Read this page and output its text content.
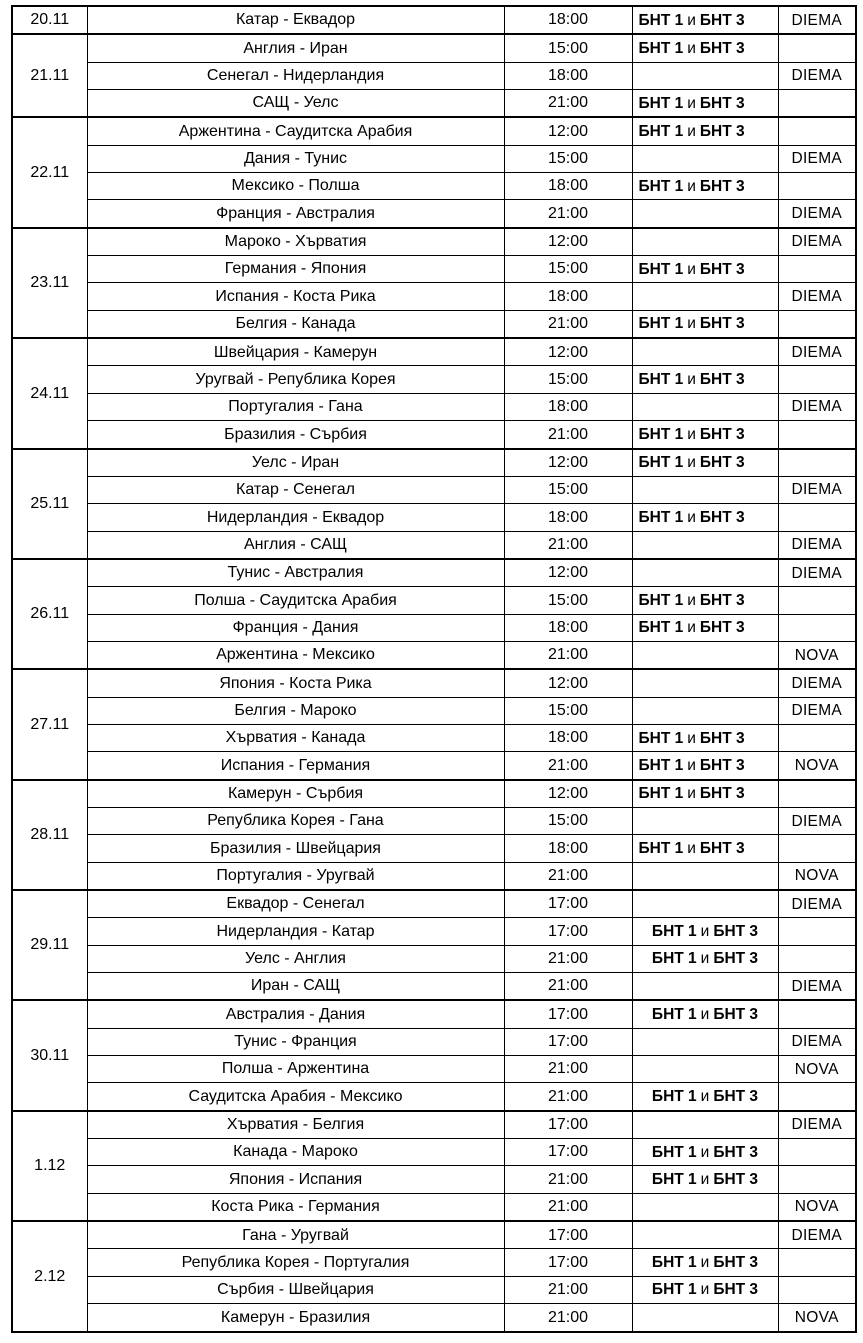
20.11	Катар - Еквадор	18:00	БНТ 1 и БНТ 3	DIEMA
21.11	Англия - Иран	15:00	БНТ 1 и БНТ 3	
	Сенегал - Нидерландия	18:00		DIEMA
	САЩ - Уелс	21:00	БНТ 1 и БНТ 3	
22.11	Аржентина - Саудитска Арабия	12:00	БНТ 1 и БНТ 3	
	Дания - Тунис	15:00		DIEMA
	Мексико - Полша	18:00	БНТ 1 и БНТ 3	
	Франция - Австралия	21:00		DIEMA
23.11	Мароко - Хърватия	12:00		DIEMA
	Германия - Япония	15:00	БНТ 1 и БНТ 3	
	Испания - Коста Рика	18:00		DIEMA
	Белгия - Канада	21:00	БНТ 1 и БНТ 3	
24.11	Швейцария - Камерун	12:00		DIEMA
	Уругвай - Република Корея	15:00	БНТ 1 и БНТ 3	
	Португалия - Гана	18:00		DIEMA
	Бразилия - Сърбия	21:00	БНТ 1 и БНТ 3	
25.11	Уелс - Иран	12:00	БНТ 1 и БНТ 3	
	Катар - Сенегал	15:00		DIEMA
	Нидерландия - Еквадор	18:00	БНТ 1 и БНТ 3	
	Англия - САЩ	21:00		DIEMA
26.11	Тунис - Австралия	12:00		DIEMA
	Полша - Саудитска Арабия	15:00	БНТ 1 и БНТ 3	
	Франция - Дания	18:00	БНТ 1 и БНТ 3	
	Аржентина - Мексико	21:00		NOVA
27.11	Япония - Коста Рика	12:00		DIEMA
	Белгия - Мароко	15:00		DIEMA
	Хърватия - Канада	18:00	БНТ 1 и БНТ 3	
	Испания - Германия	21:00	БНТ 1 и БНТ 3	NOVA
28.11	Камерун - Сърбия	12:00	БНТ 1 и БНТ 3	
	Република Корея - Гана	15:00		DIEMA
	Бразилия - Швейцария	18:00	БНТ 1 и БНТ 3	
	Португалия - Уругвай	21:00		NOVA
29.11	Еквадор - Сенегал	17:00		DIEMA
	Нидерландия - Катар	17:00	БНТ 1 и БНТ 3	
	Уелс - Англия	21:00	БНТ 1 и БНТ 3	
	Иран - САЩ	21:00		DIEMA
30.11	Австралия - Дания	17:00	БНТ 1 и БНТ 3	
	Тунис - Франция	17:00		DIEMA
	Полша - Аржентина	21:00		NOVA
	Саудитска Арабия - Мексико	21:00	БНТ 1 и БНТ 3	
1.12	Хърватия - Белгия	17:00		DIEMA
	Канада - Мароко	17:00	БНТ 1 и БНТ 3	
	Япония - Испания	21:00	БНТ 1 и БНТ 3	
	Коста Рика - Германия	21:00		NOVA
2.12	Гана - Уругвай	17:00		DIEMA
	Република Корея - Португалия	17:00	БНТ 1 и БНТ 3	
	Сърбия - Швейцария	21:00	БНТ 1 и БНТ 3	
	Камерун - Бразилия	21:00		NOVA
